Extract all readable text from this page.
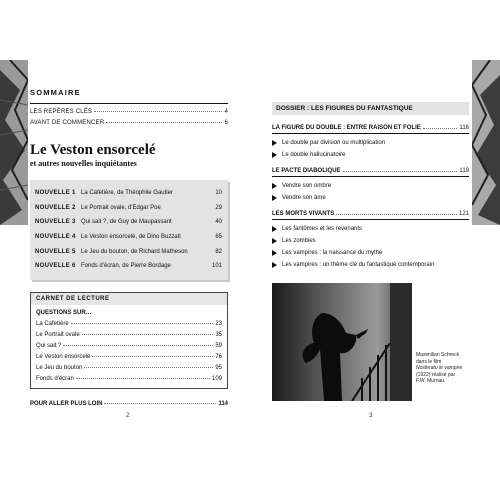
SOMMAIRE
LES REPÈRES CLÉS	4
AVANT DE COMMENCER	6
Le Veston ensorcelé
et autres nouvelles inquiétantes
NOUVELLE 1 La Cafetière, de Théophile Gautier	10
NOUVELLE 2 Le Portrait ovale, d'Edgar Poe	29
NOUVELLE 3 Qui sait ?, de Guy de Maupassant	40
NOUVELLE 4 Le Veston ensorcelé, de Dino Buzzati	65
NOUVELLE 5 Le Jeu du bouton, de Richard Matheson	82
NOUVELLE 6 Fonds d'écran, de Pierre Bordage	101
CARNET DE LECTURE
QUESTIONS SUR…
La Cafetière	23
Le Portrait ovale	35
Qui sait ?	59
Le Veston ensorcelé	76
Le Jeu du bouton	95
Fonds d'écran	109
POUR ALLER PLUS LOIN	114
2
DOSSIER : LES FIGURES DU FANTASTIQUE
LA FIGURE DU DOUBLE : ENTRE RAISON ET FOLIE	116
Le double par division ou multiplication
Le double hallucinatoire
LE PACTE DIABOLIQUE	119
Vendre son ombre
Vendre son âme
LES MORTS VIVANTS	121
Les fantômes et les revenants
Les zombies
Les vampires : la naissance du mythe
Les vampires : un thème clé du fantastique contemporain
Maximilian Schreck
dans le film
Nosferatu le vampire
(1922) réalisé par
F.W. Murnau.
3
